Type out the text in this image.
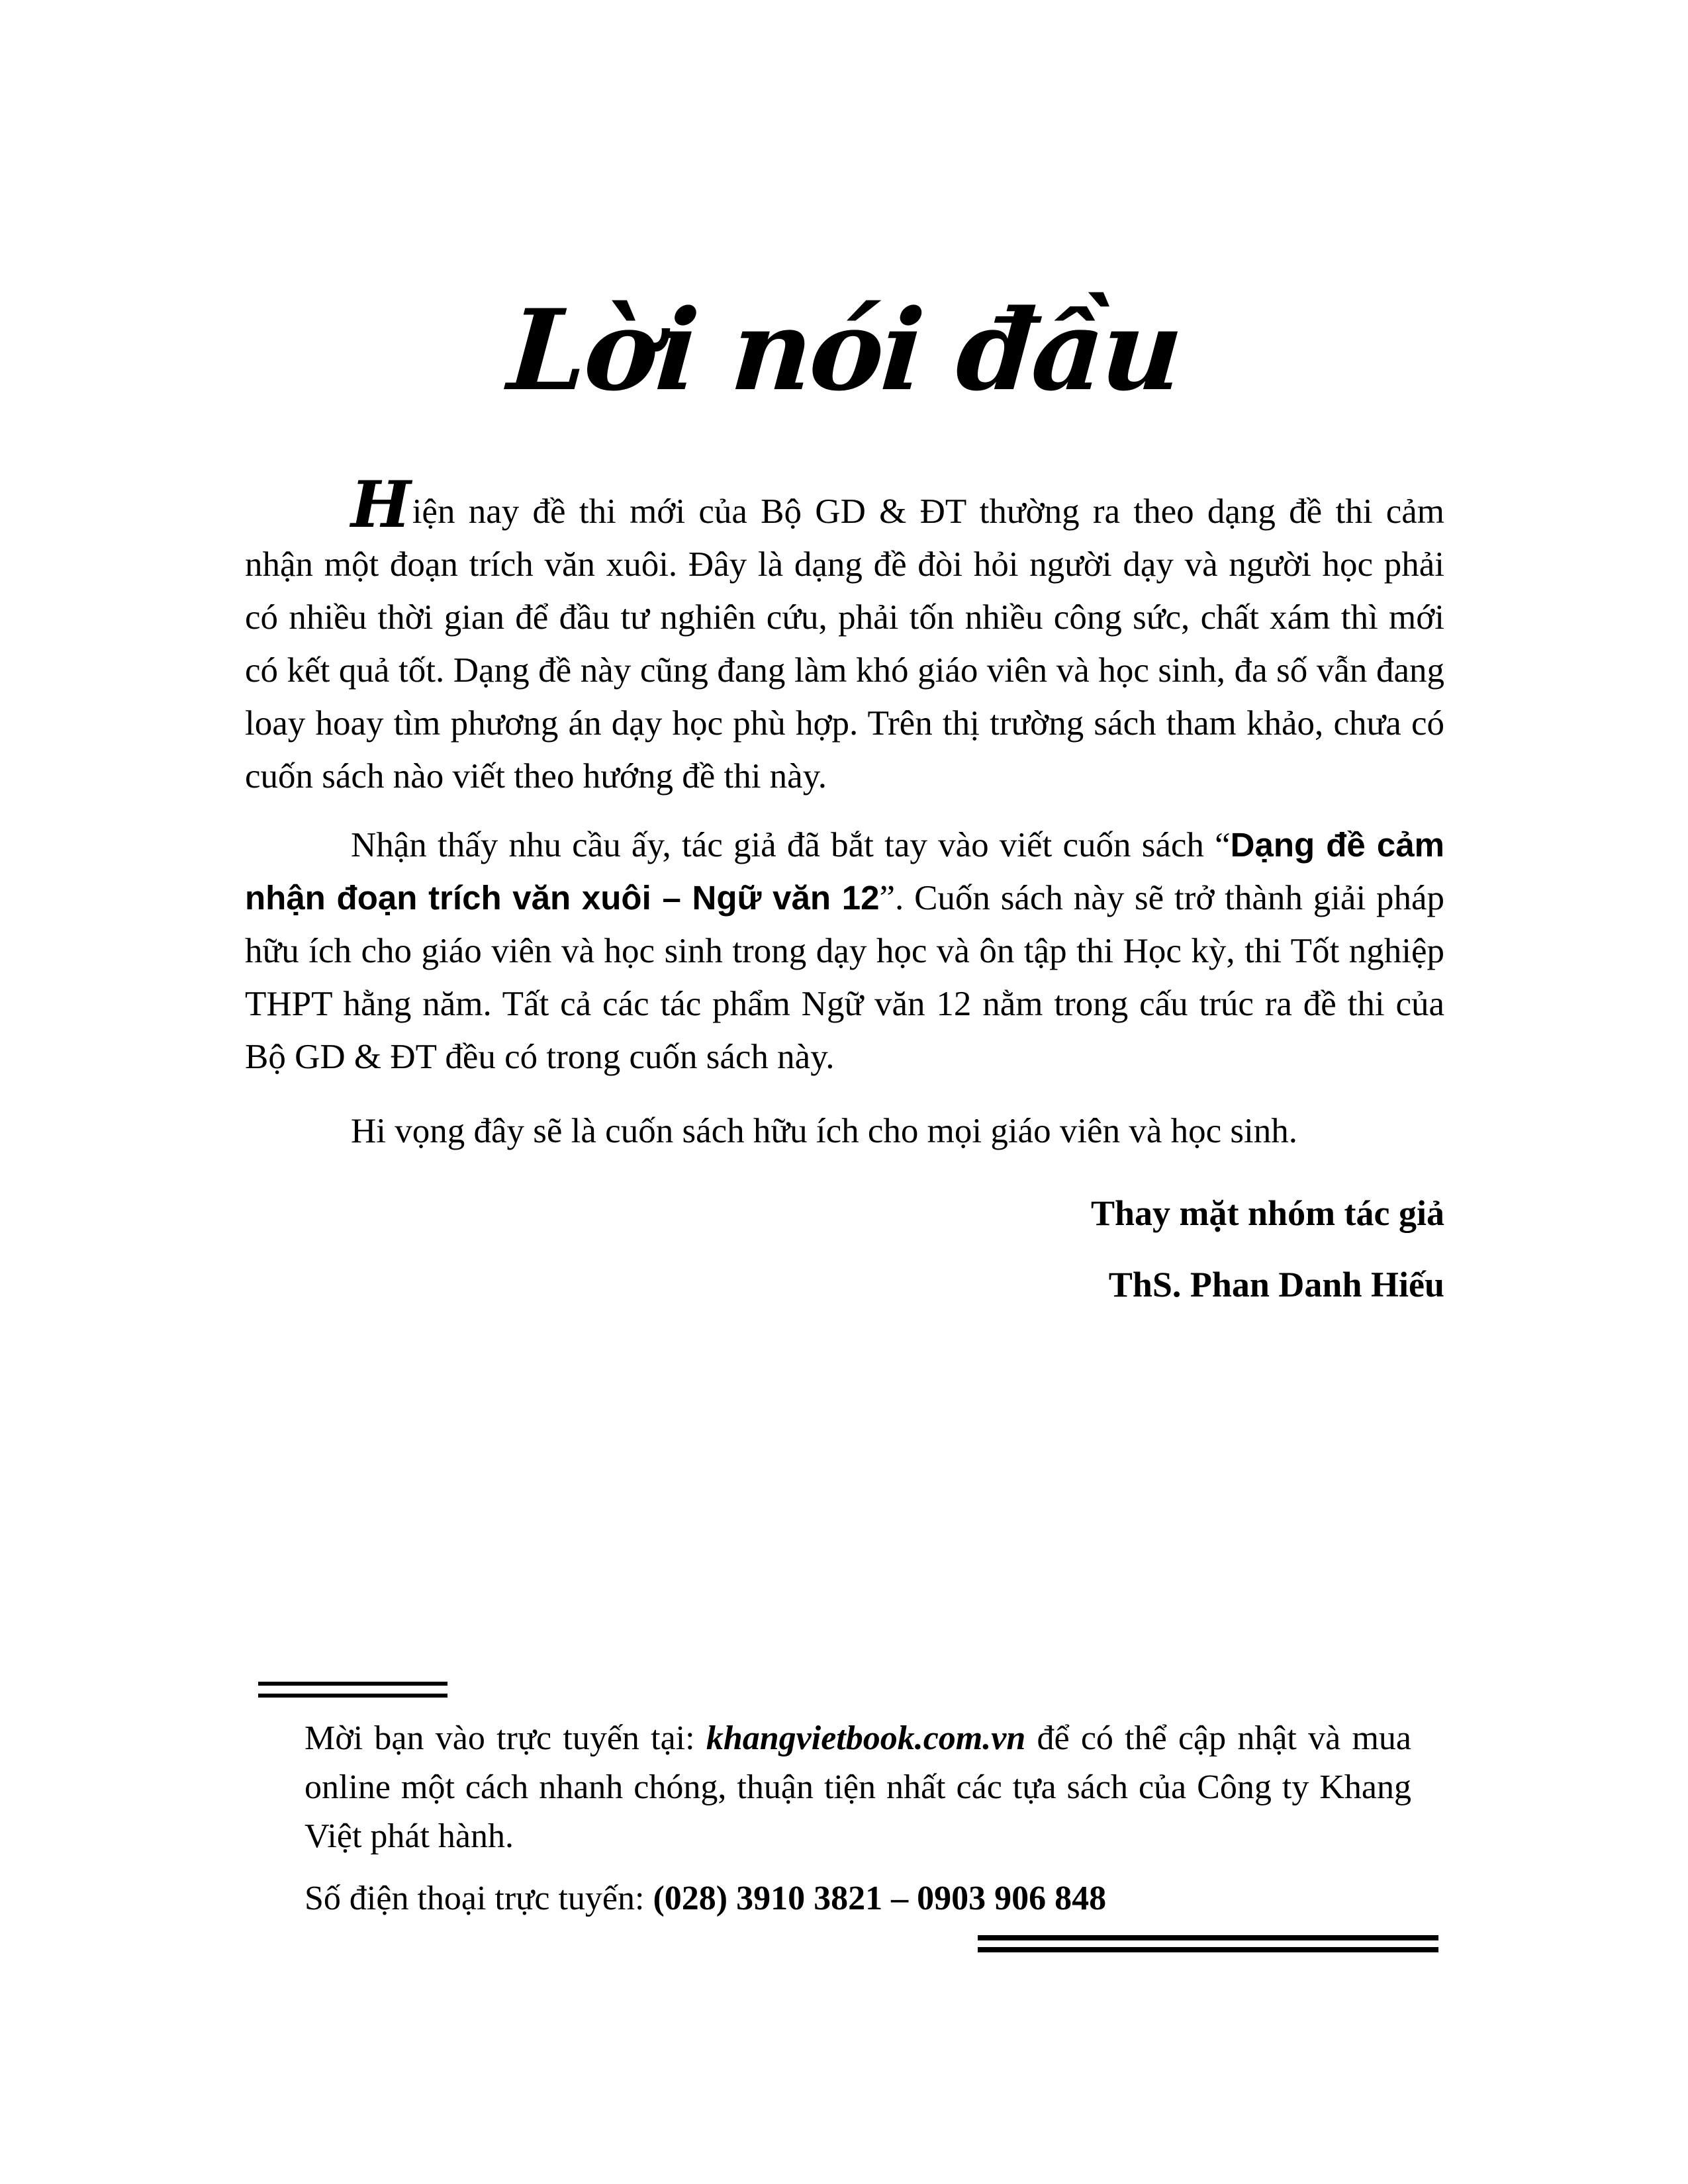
Lời nói đầu

Hiện nay đề thi mới của Bộ GD & ĐT thường ra theo dạng đề thi cảm nhận một đoạn trích văn xuôi. Đây là dạng đề đòi hỏi người dạy và người học phải có nhiều thời gian để đầu tư nghiên cứu, phải tốn nhiều công sức, chất xám thì mới có kết quả tốt. Dạng đề này cũng đang làm khó giáo viên và học sinh, đa số vẫn đang loay hoay tìm phương án dạy học phù hợp. Trên thị trường sách tham khảo, chưa có cuốn sách nào viết theo hướng đề thi này.

Nhận thấy nhu cầu ấy, tác giả đã bắt tay vào viết cuốn sách “Dạng đề cảm nhận đoạn trích văn xuôi – Ngữ văn 12”. Cuốn sách này sẽ trở thành giải pháp hữu ích cho giáo viên và học sinh trong dạy học và ôn tập thi Học kỳ, thi Tốt nghiệp THPT hằng năm. Tất cả các tác phẩm Ngữ văn 12 nằm trong cấu trúc ra đề thi của Bộ GD & ĐT đều có trong cuốn sách này.

Hi vọng đây sẽ là cuốn sách hữu ích cho mọi giáo viên và học sinh.

Thay mặt nhóm tác giả

ThS. Phan Danh Hiếu

Mời bạn vào trực tuyến tại: khangvietbook.com.vn để có thể cập nhật và mua online một cách nhanh chóng, thuận tiện nhất các tựa sách của Công ty Khang Việt phát hành.

Số điện thoại trực tuyến: (028) 3910 3821 – 0903 906 848
